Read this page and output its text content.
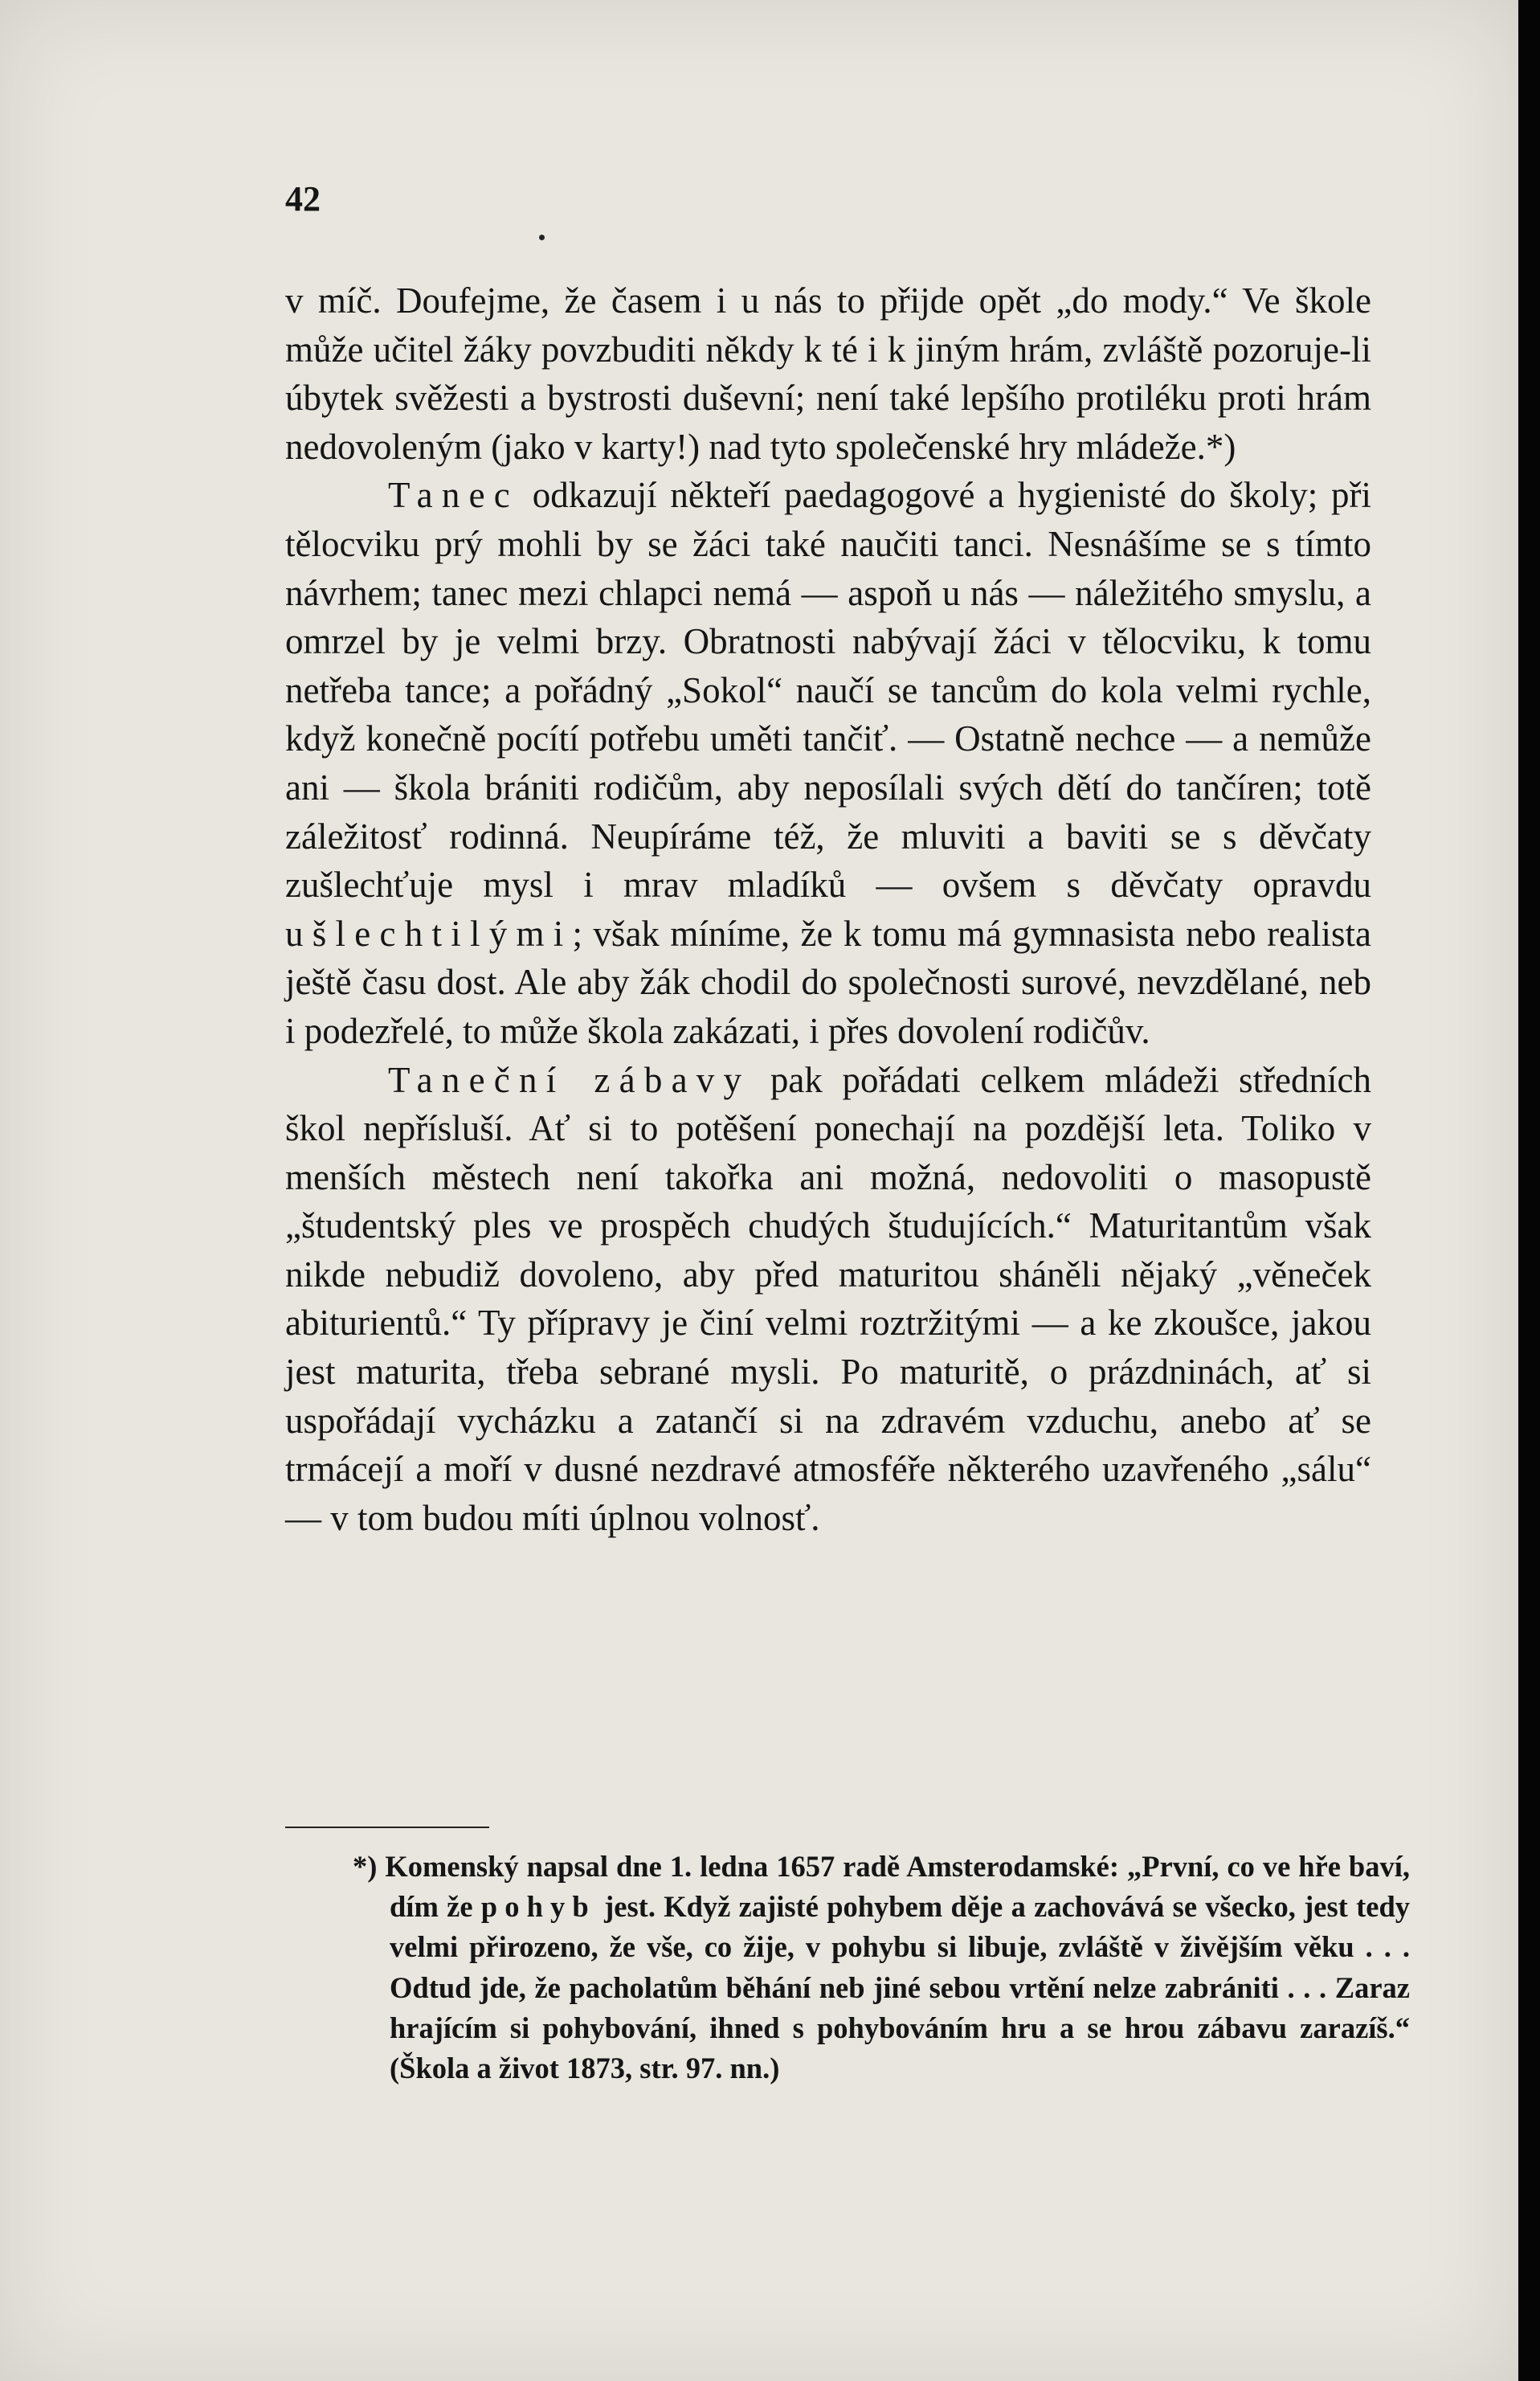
42

v míč. Doufejme, že časem i u nás to přijde opět „do mody.“ Ve škole může učitel žáky povzbuditi někdy k té i k jiným hrám, zvláště pozoruje-li úbytek svěžesti a bystrosti duševní; není také lepšího protiléku proti hrám nedovoleným (jako v karty!) nad tyto společenské hry mládeže.*)

Tanec odkazují někteří paedagogové a hygienisté do školy; při tělocviku prý mohli by se žáci také naučiti tanci. Nesnášíme se s tímto návrhem; tanec mezi chlapci nemá — aspoň u nás — náležitého smyslu, a omrzel by je velmi brzy. Obratnosti nabývají žáci v tělocviku, k tomu netřeba tance; a pořádný „Sokol“ naučí se tancům do kola velmi rychle, když konečně pocítí potřebu uměti tančiť. — Ostatně nechce — a nemůže ani — škola brániti rodičům, aby neposílali svých dětí do tančíren; totě záležitosť rodinná. Neupíráme též, že mluviti a baviti se s děvčaty zušlechťuje mysl i mrav mladíků — ovšem s děvčaty opravdu ušlechtilými; však míníme, že k tomu má gymnasista nebo realista ještě času dost. Ale aby žák chodil do společnosti surové, nevzdělané, neb i podezřelé, to může škola zakázati, i přes dovolení rodičův.

Taneční zábavy pak pořádati celkem mládeži středních škol nepřísluší. Ať si to potěšení ponechají na pozdější leta. Toliko v menších městech není takořka ani možná, nedovoliti o masopustě „študentský ples ve prospěch chudých študujících.“ Maturitantům však nikde nebudiž dovoleno, aby před maturitou sháněli nějaký „věneček abiturientů.“ Ty přípravy je činí velmi roztržitými — a ke zkoušce, jakou jest maturita, třeba sebrané mysli. Po maturitě, o prázdninách, ať si uspořádají vycházku a zatančí si na zdravém vzduchu, anebo ať se trmácejí a moří v dusné nezdravé atmosféře některého uzavřeného „sálu“ — v tom budou míti úplnou volnosť.

*) Komenský napsal dne 1. ledna 1657 radě Amsterodamské: „První, co ve hře baví, dím že pohyb jest. Když zajisté pohybem děje a zachovává se všecko, jest tedy velmi přirozeno, že vše, co žije, v pohybu si libuje, zvláště v živějším věku . . . Odtud jde, že pacholatům běhání neb jiné sebou vrtění nelze zabrániti . . . Zaraz hrajícím si pohybování, ihned s pohybováním hru a se hrou zábavu zarazíš.“ (Škola a život 1873, str. 97. nn.)
